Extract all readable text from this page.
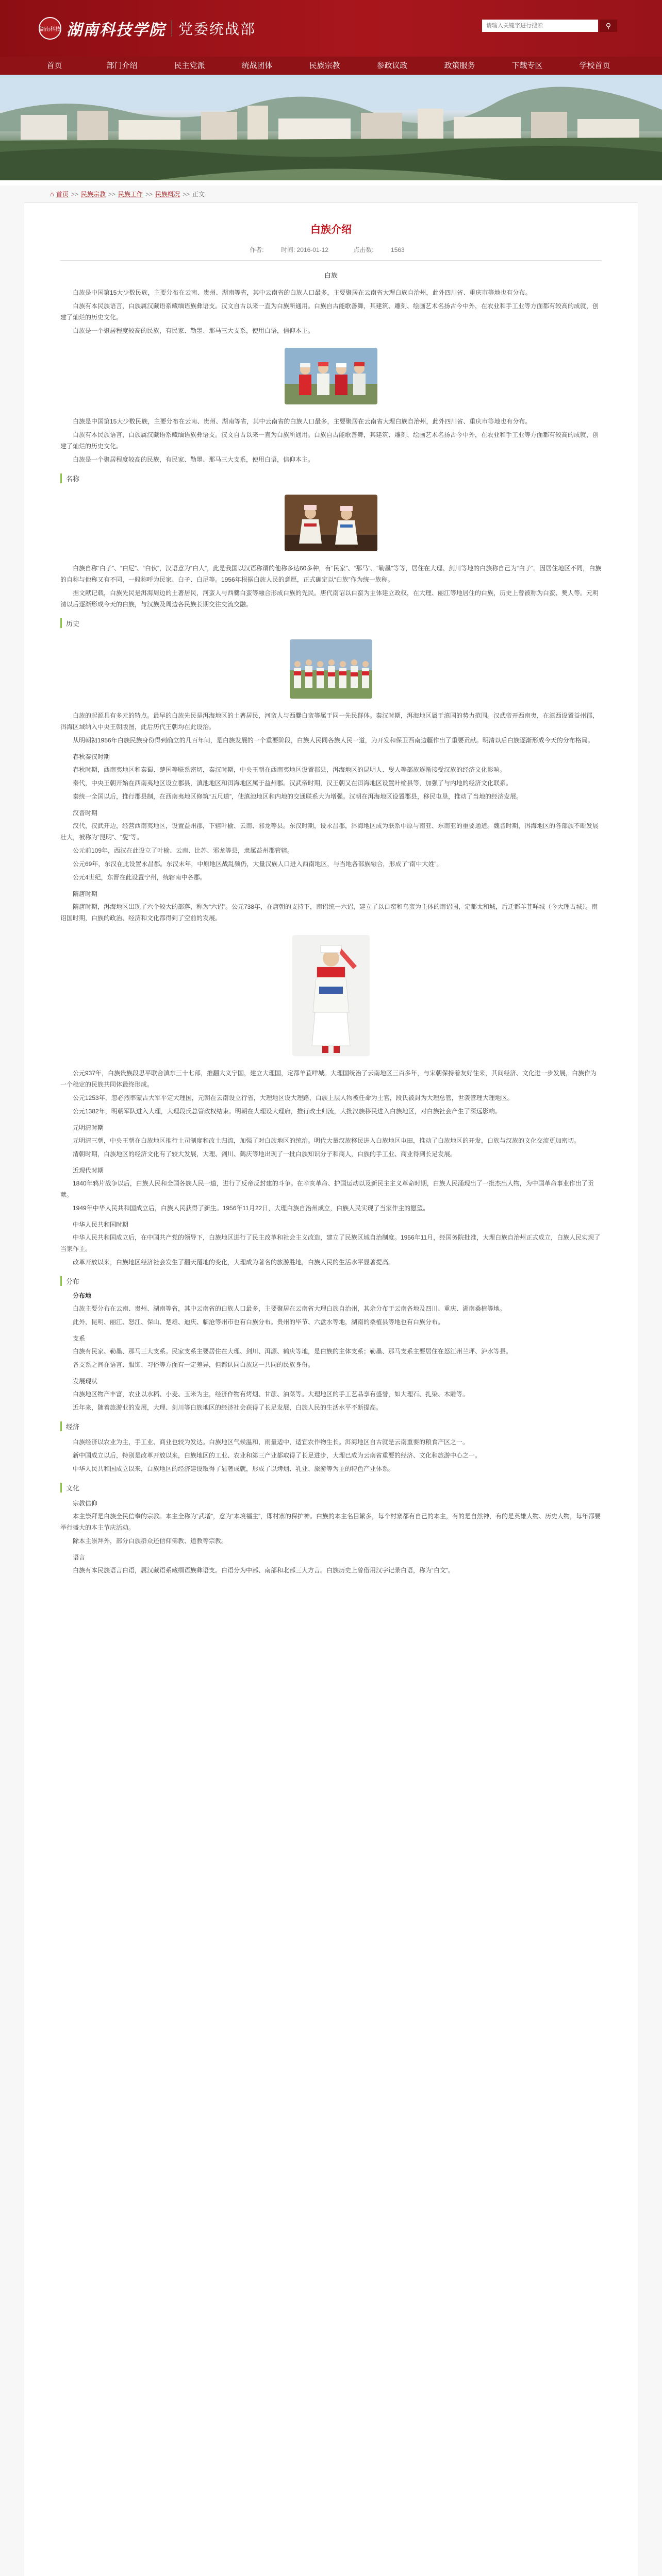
湖南科技 湖南科技学院 党委统战部
请输入关键字进行搜索	⚲
首页	部门介绍	民主党派	统战团体	民族宗教	参政议政	政策服务	下载专区	学校首页
⌂ 首页 >> 民族宗教 >> 民族工作 >> 民族概况 >> 正文
白族介绍
作者:	时间: 2016-01-12	点击数:	1563
白族
白族是中国第15大少数民族，主要分布在云南、贵州、湖南等省，其中云南省的白族人口最多，主要聚居在云南省大理白族自治州，此外四川省、重庆市等地也有分布。
白族有本民族语言，白族属汉藏语系藏缅语族彝语支。汉文自古以来一直为白族所通用。白族自古能歌善舞，其建筑、雕刻、绘画艺术名扬古今中外，在农业和手工业等方面都有较高的成就，创建了灿烂的历史文化。
白族是一个聚居程度较高的民族，有民家、勒墨、那马三大支系，使用白语，信仰本主。
白族是中国第15大少数民族，主要分布在云南、贵州、湖南等省，其中云南省的白族人口最多，主要聚居在云南省大理白族自治州，此外四川省、重庆市等地也有分布。
白族有本民族语言，白族属汉藏语系藏缅语族彝语支。汉文自古以来一直为白族所通用。白族自古能歌善舞，其建筑、雕刻、绘画艺术名扬古今中外，在农业和手工业等方面都有较高的成就，创建了灿烂的历史文化。
白族是一个聚居程度较高的民族，有民家、勒墨、那马三大支系，使用白语，信仰本主。
名称
白族自称“白子”、“白尼”、“白伙”，汉语意为“白人”，此是我国以汉语称谓的他称多达60多种，有“民家”、“那马”、“勒墨”等等，居住在大理、剑川等地的白族称自己为“白子”。因居住地区不同，白族的自称与他称又有不同，一般称呼为民家、白子、白尼等。1956年根据白族人民的意愿，正式确定以“白族”作为统一族称。
据文献记载，白族先民是洱海周边的土著居民，河蛮人与西爨白蛮等融合形成白族的先民。唐代南诏以白蛮为主体建立政权，在大理、丽江等地居住的白族，历史上曾被称为白蛮、僰人等。元明清以后逐渐形成今天的白族，与汉族及周边各民族长期交往交流交融。
历史
白族的起源具有多元的特点。最早的白族先民是洱海地区的土著居民，河蛮人与西爨白蛮等属于同一先民群体。秦汉时期，洱海地区属于滇国的势力范围。汉武帝开西南夷，在滇西设置益州郡，洱海区域纳入中央王朝版图，此后历代王朝均在此设治。
从明朝初1956年白族民族身份得到确立的几百年间，是白族发展的一个重要阶段，白族人民同各族人民一道，为开发和保卫西南边疆作出了重要贡献。明清以后白族逐渐形成今天的分布格局。
春秋秦汉时期
春秋时期，西南夷地区和秦蜀、楚国等联系密切，秦汉时期，中央王朝在西南夷地区设置郡县，洱海地区的昆明人、叟人等部族逐渐接受汉族的经济文化影响。
秦代，中央王朝开始在西南夷地区设立郡县，滇池地区和洱海地区属于益州郡。汉武帝时期，汉王朝又在洱海地区设置叶榆县等，加强了与内地的经济文化联系。
秦统一全国以后，推行郡县制，在西南夷地区修筑“五尺道”，使滇池地区和内地的交通联系大为增强。汉朝在洱海地区设置郡县，移民屯垦，推动了当地的经济发展。
汉晋时期
汉代，汉武开边，经营西南夷地区，设置益州郡，下辖叶榆、云南、邪龙等县。东汉时期，设永昌郡，洱海地区成为联系中原与南亚、东南亚的重要通道。魏晋时期，洱海地区的各部族不断发展壮大，被称为“昆明”、“叟”等。
公元前109年，西汉在此设立了叶榆、云南、比苏、邪龙等县，隶属益州郡管辖。
公元69年，东汉在此设置永昌郡。东汉末年，中原地区战乱频仍，大量汉族人口进入西南地区，与当地各部族融合，形成了“南中大姓”。
公元4世纪，东晋在此设置宁州，统辖南中各郡。
隋唐时期
隋唐时期，洱海地区出现了六个较大的部落，称为“六诏”。公元738年，在唐朝的支持下，南诏统一六诏，建立了以白蛮和乌蛮为主体的南诏国，定都太和城，后迁都羊苴咩城（今大理古城）。南诏国时期，白族的政治、经济和文化都得到了空前的发展。
公元937年，白族贵族段思平联合滇东三十七部，推翻大义宁国，建立大理国，定都羊苴咩城。大理国统治了云南地区三百多年，与宋朝保持着友好往来，其间经济、文化进一步发展，白族作为一个稳定的民族共同体最终形成。
公元1253年，忽必烈率蒙古大军平定大理国，元朝在云南设立行省，大理地区设大理路，白族上层人物被任命为土官，段氏被封为大理总管，世袭管理大理地区。
公元1382年，明朝军队进入大理，大理段氏总管政权结束。明朝在大理设大理府，推行改土归流，大批汉族移民进入白族地区，对白族社会产生了深远影响。
元明清时期
元明清三朝，中央王朝在白族地区推行土司制度和改土归流，加强了对白族地区的统治。明代大量汉族移民进入白族地区屯田，推动了白族地区的开发，白族与汉族的文化交流更加密切。
清朝时期，白族地区的经济文化有了较大发展，大理、剑川、鹤庆等地出现了一批白族知识分子和商人，白族的手工业、商业得到长足发展。
近现代时期
1840年鸦片战争以后，白族人民和全国各族人民一道，进行了反帝反封建的斗争。在辛亥革命、护国运动以及新民主主义革命时期，白族人民涌现出了一批杰出人物，为中国革命事业作出了贡献。
1949年中华人民共和国成立后，白族人民获得了新生。1956年11月22日，大理白族自治州成立，白族人民实现了当家作主的愿望。
中华人民共和国时期
中华人民共和国成立后，在中国共产党的领导下，白族地区进行了民主改革和社会主义改造，建立了民族区域自治制度。1956年11月，经国务院批准，大理白族自治州正式成立，白族人民实现了当家作主。
改革开放以来，白族地区经济社会发生了翻天覆地的变化，大理成为著名的旅游胜地，白族人民的生活水平显著提高。
分布
分布地
白族主要分布在云南、贵州、湖南等省，其中云南省的白族人口最多，主要聚居在云南省大理白族自治州，其余分布于云南各地及四川、重庆、湖南桑植等地。
此外，昆明、丽江、怒江、保山、楚雄、迪庆、临沧等州市也有白族分布。贵州的毕节、六盘水等地，湖南的桑植县等地也有白族分布。
支系
白族有民家、勒墨、那马三大支系。民家支系主要居住在大理、剑川、洱源、鹤庆等地，是白族的主体支系；勒墨、那马支系主要居住在怒江州兰坪、泸水等县。
各支系之间在语言、服饰、习俗等方面有一定差异，但都认同白族这一共同的民族身份。
发展现状
白族地区物产丰富，农业以水稻、小麦、玉米为主，经济作物有烤烟、甘蔗、油菜等。大理地区的手工艺品享有盛誉，如大理石、扎染、木雕等。
近年来，随着旅游业的发展，大理、剑川等白族地区的经济社会获得了长足发展，白族人民的生活水平不断提高。
经济
白族经济以农业为主，手工业、商业也较为发达。白族地区气候温和，雨量适中，适宜农作物生长。洱海地区自古就是云南重要的粮食产区之一。
新中国成立以后，特别是改革开放以来，白族地区的工业、农业和第三产业都取得了长足进步，大理已成为云南省重要的经济、文化和旅游中心之一。
中华人民共和国成立以来，白族地区的经济建设取得了显著成就，形成了以烤烟、乳业、旅游等为主的特色产业体系。
文化
宗教信仰
本主崇拜是白族全民信奉的宗教。本主全称为“武增”，意为“本境福主”，即村寨的保护神。白族的本主名目繁多，每个村寨都有自己的本主，有的是自然神，有的是英雄人物、历史人物，每年都要举行盛大的本主节庆活动。
除本主崇拜外，部分白族群众还信仰佛教、道教等宗教。
语言
白族有本民族语言白语，属汉藏语系藏缅语族彝语支。白语分为中部、南部和北部三大方言。白族历史上曾借用汉字记录白语，称为“白文”。
